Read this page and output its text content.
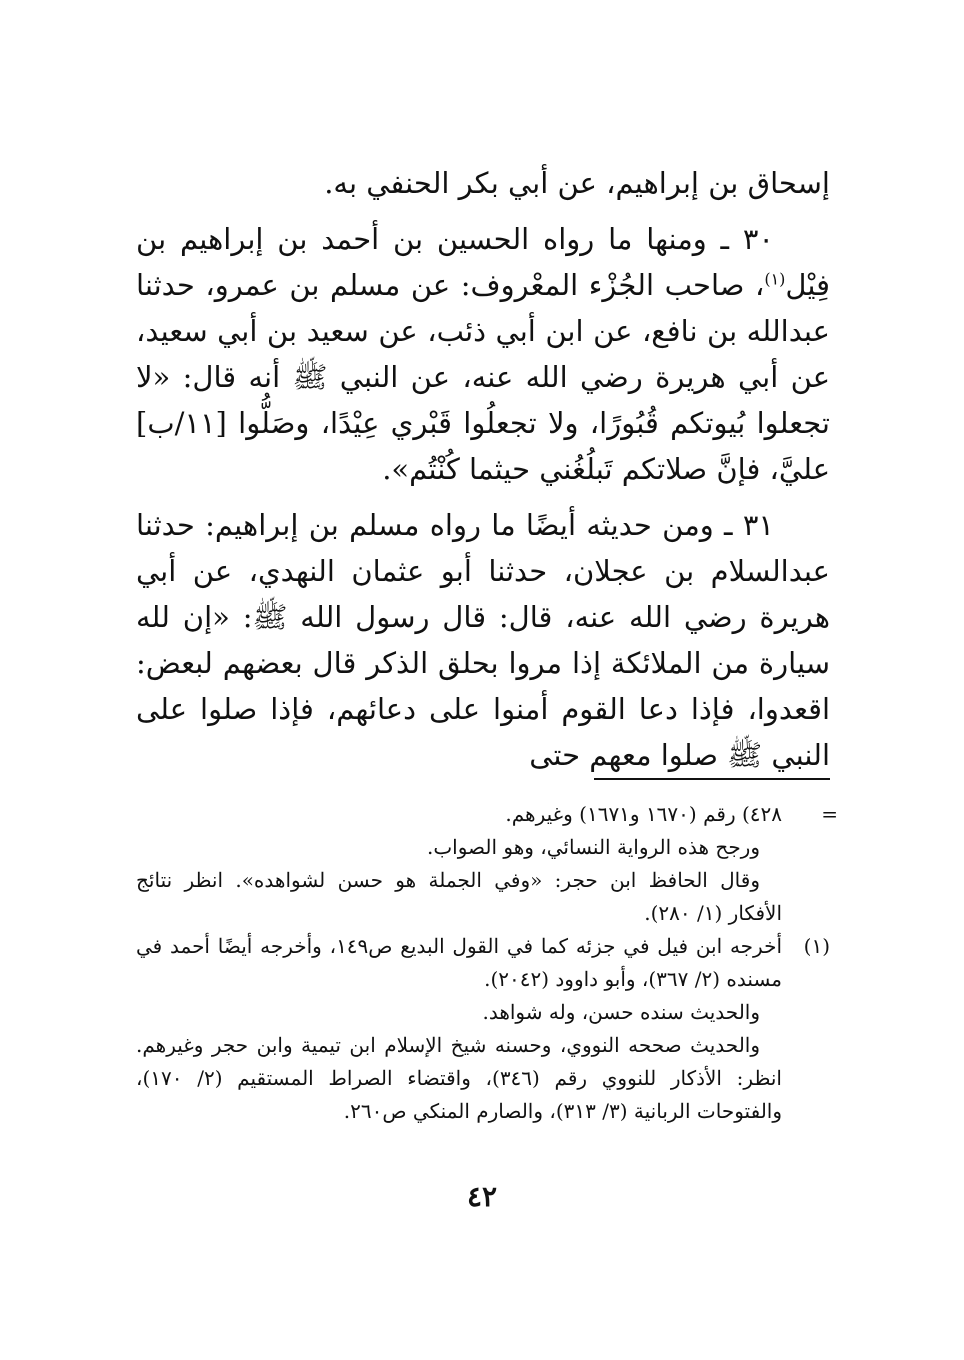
إسحاق بن إبراهيم، عن أبي بكر الحنفي به.

٣٠ ـ ومنها ما رواه الحسين بن أحمد بن إبراهيم بن فِيْل$^{(١)}$، صاحب الجُزْء المعْروف: عن مسلم بن عمرو، حدثنا عبدالله بن نافع، عن ابن أبي ذئب، عن سعيد بن أبي سعيد، عن أبي هريرة رضي الله عنه، عن النبي ﷺ أنه قال: «لا تجعلوا بُيوتكم قُبُورًا، ولا تجعلُوا قَبْري عِيْدًا، وصَلُّوا [١١/ب] عليَّ، فإنَّ صلاتكم تَبلُغُني حيثما كُنْتُم».

٣١ ـ ومن حديثه أيضًا ما رواه مسلم بن إبراهيم: حدثنا عبدالسلام بن عجلان، حدثنا أبو عثمان النهدي، عن أبي هريرة رضي الله عنه، قال: قال رسول الله ﷺ: «إن لله سيارة من الملائكة إذا مروا بحلق الذكر قال بعضهم لبعض: اقعدوا، فإذا دعا القوم أمنوا على دعائهم، فإذا صلوا على النبي ﷺ صلوا معهم حتى

=
٤٢٨) رقم (١٦٧٠ و١٦٧١) وغيرهم.

ورجح هذه الرواية النسائي، وهو الصواب.

وقال الحافظ ابن حجر: «وفي الجملة هو حسن لشواهده». انظر نتائج الأفكار (١/ ٢٨٠).

(١)
أخرجه ابن فيل في جزئه كما في القول البديع ص١٤٩، وأخرجه أيضًا أحمد في مسنده (٢/ ٣٦٧)، وأبو داوود (٢٠٤٢).

والحديث سنده حسن، وله شواهد.

والحديث صححه النووي، وحسنه شيخ الإسلام ابن تيمية وابن حجر وغيرهم. انظر: الأذكار للنووي رقم (٣٤٦)، واقتضاء الصراط المستقيم (٢/ ١٧٠)، والفتوحات الربانية (٣/ ٣١٣)، والصارم المنكي ص٢٦٠.

٤٢
